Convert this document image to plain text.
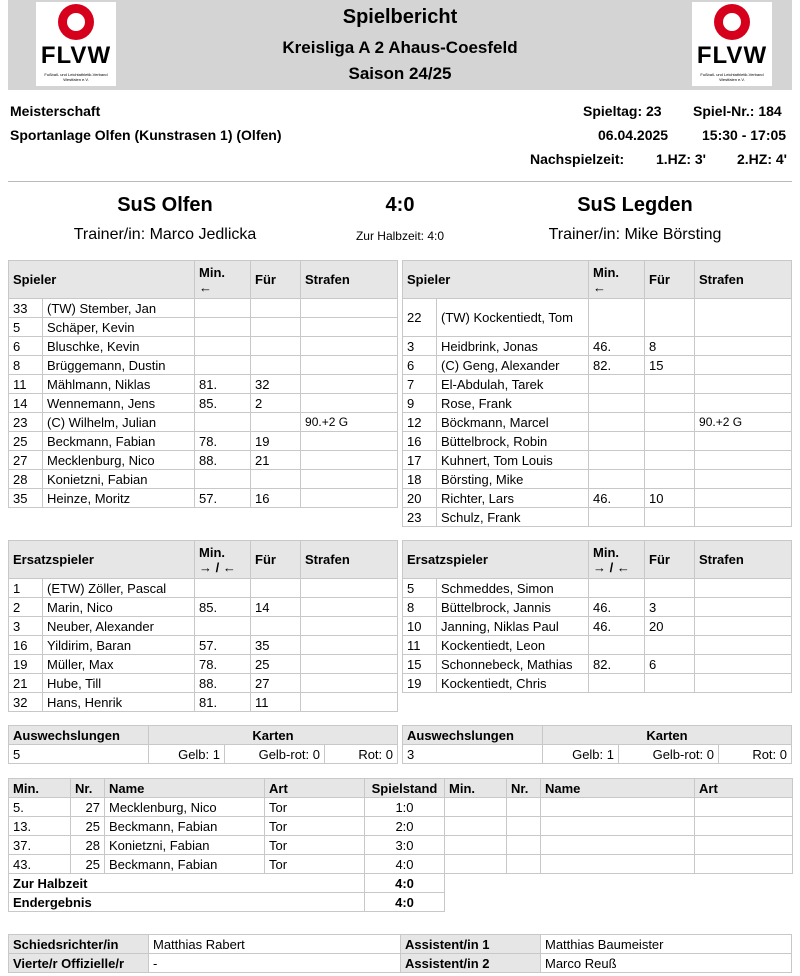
FLVW
Fußball- und Leichtathletik-Verband
Westfalen e.V.
Spielbericht
Kreisliga A 2 Ahaus-Coesfeld
Saison 24/25
FLVW
Fußball- und Leichtathletik-Verband
Westfalen e.V.
Meisterschaft
Sportanlage Olfen (Kunstrasen 1) (Olfen)
Spieltag: 23 Spiel-Nr.: 184
06.04.2025 15:30 - 17:05
Nachspielzeit: 1.HZ: 3' 2.HZ: 4'
SuS Olfen	4:0	SuS Legden
Trainer/in: Marco Jedlicka	Zur Halbzeit: 4:0	Trainer/in: Mike Börsting
Spieler		Min.
←	Für	Strafen
33	(TW) Stember, Jan			
5	Schäper, Kevin			
6	Bluschke, Kevin			
8	Brüggemann, Dustin			
11	Mählmann, Niklas	81.	32	
14	Wennemann, Jens	85.	2	
23	(C) Wilhelm, Julian			90.+2 G
25	Beckmann, Fabian	78.	19	
27	Mecklenburg, Nico	88.	21	
28	Konietzni, Fabian			
35	Heinze, Moritz	57.	16	
Spieler		Min.
←	Für	Strafen
22	(TW) Kockentiedt, Tom			
3	Heidbrink, Jonas	46.	8	
6	(C) Geng, Alexander	82.	15	
7	El-Abdulah, Tarek			
9	Rose, Frank			
12	Böckmann, Marcel			90.+2 G
16	Büttelbrock, Robin			
17	Kuhnert, Tom Louis			
18	Börsting, Mike			
20	Richter, Lars	46.	10	
23	Schulz, Frank			
Ersatzspieler		Min.
→ / ←	Für	Strafen
1	(ETW) Zöller, Pascal			
2	Marin, Nico	85.	14	
3	Neuber, Alexander			
16	Yildirim, Baran	57.	35	
19	Müller, Max	78.	25	
21	Hube, Till	88.	27	
32	Hans, Henrik	81.	11	
Ersatzspieler		Min.
→ / ←	Für	Strafen
5	Schmeddes, Simon			
8	Büttelbrock, Jannis	46.	3	
10	Janning, Niklas Paul	46.	20	
11	Kockentiedt, Leon			
15	Schonnebeck, Mathias	82.	6	
19	Kockentiedt, Chris			
Auswechslungen	Karten		
5	Gelb: 1	Gelb-rot: 0	Rot: 0
Auswechslungen	Karten		
3	Gelb: 1	Gelb-rot: 0	Rot: 0
Min.	Nr.	Name	Art	Spielstand	Min.	Nr.	Name	Art
5.	27	Mecklenburg, Nico	Tor	1:0				
13.	25	Beckmann, Fabian	Tor	2:0				
37.	28	Konietzni, Fabian	Tor	3:0				
43.	25	Beckmann, Fabian	Tor	4:0				
Zur Halbzeit				4:0				
Endergebnis				4:0				
Schiedsrichter/in	Matthias Rabert	Assistent/in 1	Matthias Baumeister
Vierte/r Offizielle/r	-	Assistent/in 2	Marco Reuß
